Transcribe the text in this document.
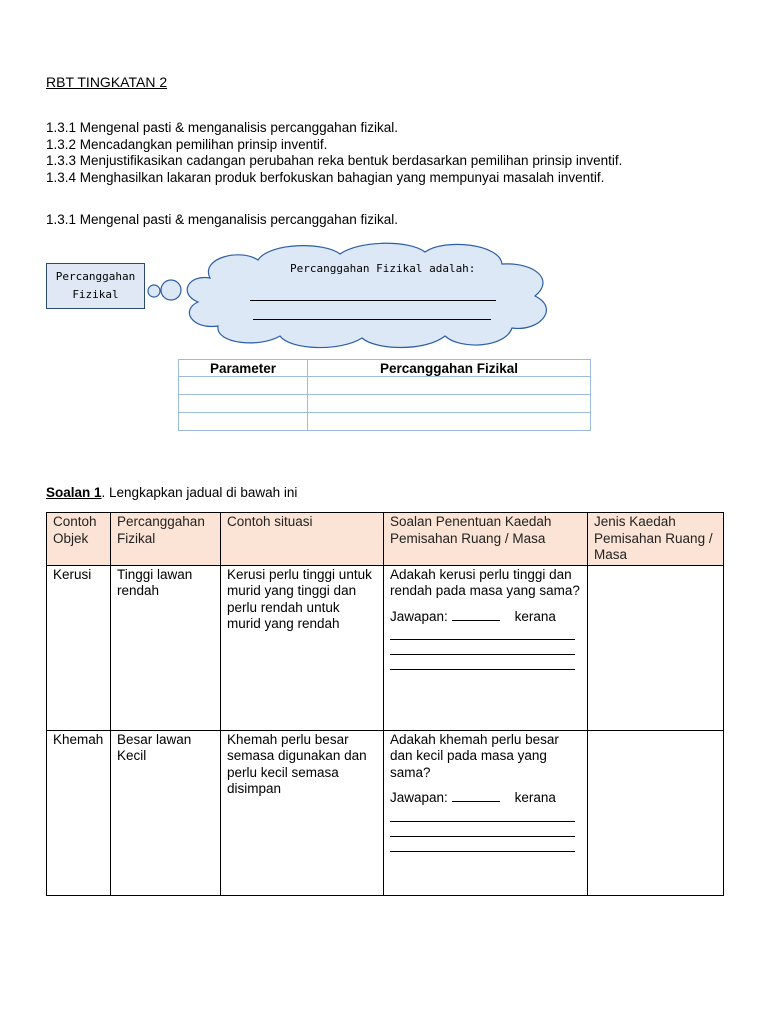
RBT TINGKATAN 2
1.3.1 Mengenal pasti & menganalisis percanggahan fizikal.
1.3.2 Mencadangkan pemilihan prinsip inventif.
1.3.3 Menjustifikasikan cadangan perubahan reka bentuk berdasarkan pemilihan prinsip inventif.
1.3.4 Menghasilkan lakaran produk berfokuskan bahagian yang mempunyai masalah inventif.
1.3.1 Mengenal pasti & menganalisis percanggahan fizikal.
Percanggahan
Fizikal
Percanggahan Fizikal adalah:
Parameter	Percanggahan Fizikal

Soalan 1. Lengkapkan jadual di bawah ini
Contoh Objek	Percanggahan Fizikal	Contoh situasi	Soalan Penentuan Kaedah Pemisahan Ruang / Masa	Jenis Kaedah Pemisahan Ruang / Masa
Kerusi	Tinggi lawan rendah	Kerusi perlu tinggi untuk murid yang tinggi dan perlu rendah untuk murid yang rendah	Adakah kerusi perlu tinggi dan rendah pada masa yang sama?
Jawapan: kerana	

Khemah	Besar lawan Kecil	Khemah perlu besar semasa digunakan dan perlu kecil semasa disimpan	Adakah khemah perlu besar dan kecil pada masa yang sama?
Jawapan: kerana	
